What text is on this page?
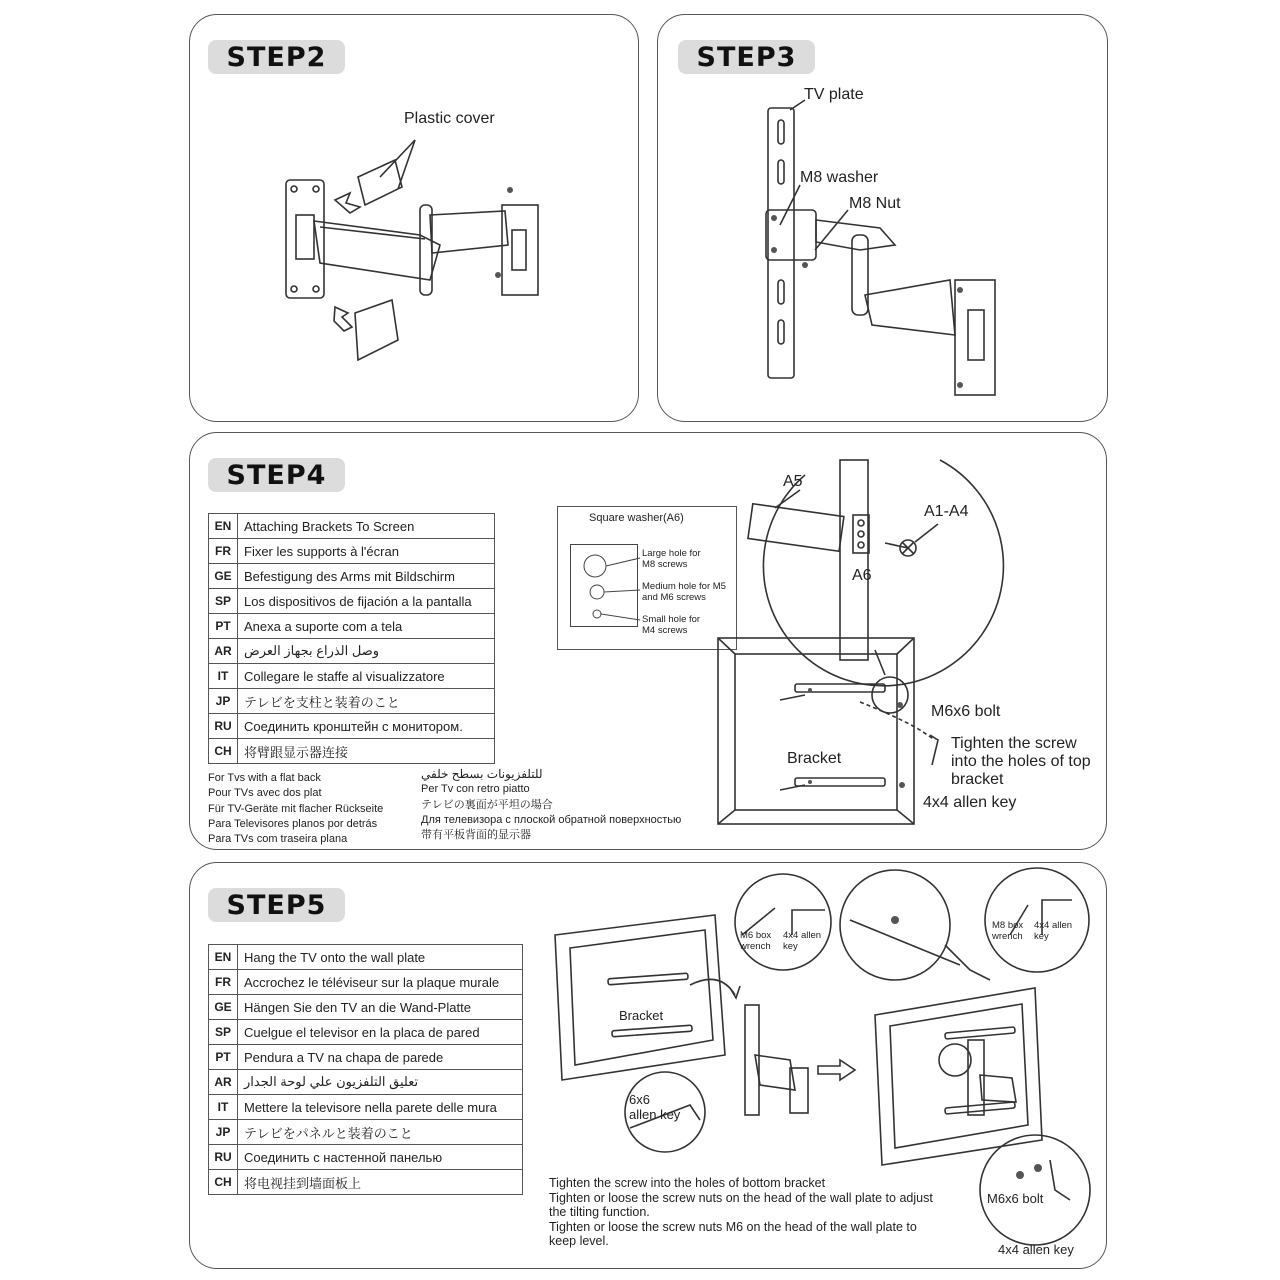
STEP2
Plastic cover
STEP3
TV plate
M8 washer
M8 Nut
STEP4
EN	Attaching Brackets To Screen
FR	Fixer les supports à l'écran
GE	Befestigung des Arms mit Bildschirm
SP	Los dispositivos de fijación a la pantalla
PT	Anexa a suporte com a tela
AR	وصل الذراع بجهاز العرض
IT	Collegare le staffe al visualizzatore
JP	テレビを支柱と装着のこと
RU	Соединить кронштейн с монитором.
CH	将臂跟显示器连接
For Tvs with a flat back
Pour TVs avec dos plat
Für TV-Geräte mit flacher Rückseite
Para Televisores planos por detrás
Para TVs com traseira plana
للتلفزيونات بسطح خلفي
Per Tv con retro piatto
テレビの裏面が平坦の場合
Для телевизора с плоской обратной поверхностью
带有平板背面的显示器
Square washer(A6)
Large hole for M8 screws
Medium hole for M5 and M6 screws
Small hole for M4 screws
A5
A1-A4
A6
M6x6 bolt
Tighten the screw
into the holes of top
bracket
4x4 allen key
Bracket
STEP5
EN	Hang the TV onto the wall plate
FR	Accrochez le téléviseur sur la plaque murale
GE	Hängen Sie den TV an die Wand-Platte
SP	Cuelgue el televisor en la placa de pared
PT	Pendura a TV na chapa de parede
AR	تعليق التلفزيون علي لوحة الجدار
IT	Mettere la televisore nella parete delle mura
JP	テレビをパネルと装着のこと
RU	Соединить с настенной панелью
CH	将电视挂到墙面板上
Bracket
M6 box wrench
4x4 allen key
M8 box wrench
4x4 allen key
6x6
allen key
M6x6 bolt
4x4 allen key
Tighten the screw into the holes of bottom bracket
Tighten or loose the screw nuts on the head of the wall plate to adjust
the tilting function.
Tighten or loose the screw nuts M6 on the head of the wall plate to
keep level.
